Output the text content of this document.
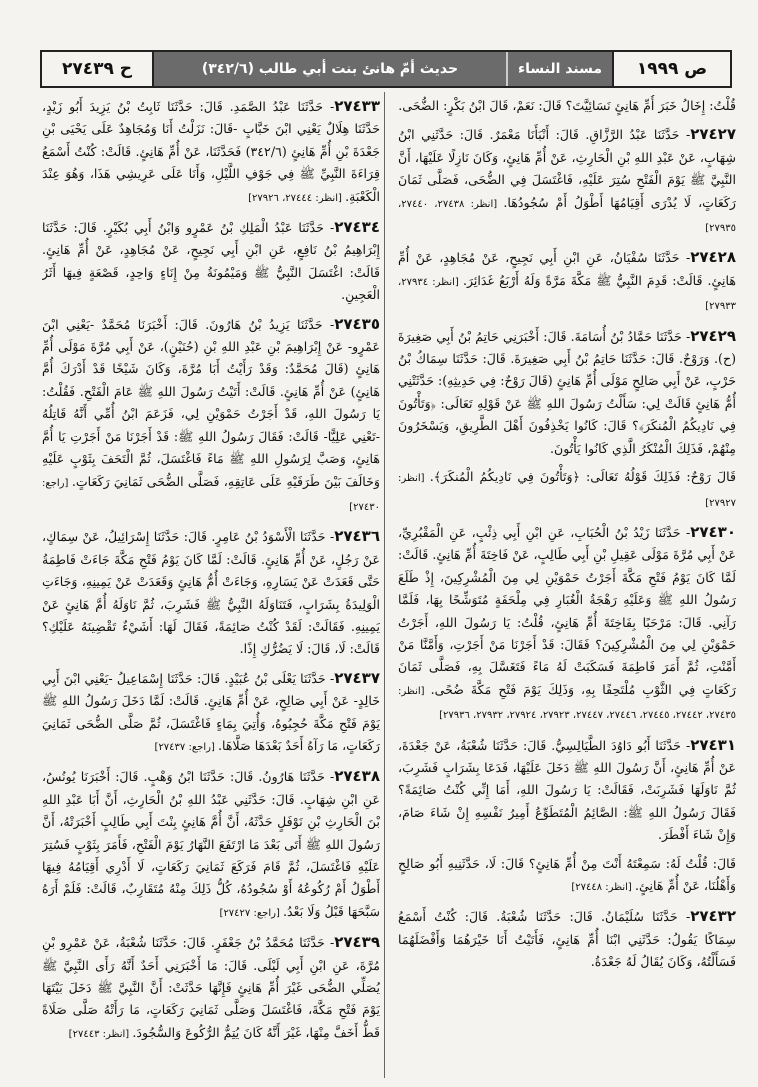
ص ١٩٩٩
مسند النساء
حديث أمّ هانئ بنت أبي طالب (٣٤٢/٦)
ح ٢٧٤٣٩

قُلْتُ: إِخَالُ خَبَرَ أُمِّ هَانِئٍ نَسَائِيَّتَ؟ قَالَ: نَعَمْ، قَالَ ابْنُ بَكْرٍ: الضُّحَى.

٢٧٤٢٧- حَدَّثَنَا عَبْدُ الرَّزَّاقِ. قَالَ: أَنْبَأَنَا مَعْمَرٌ. قَالَ: حَدَّثَنِي ابْنُ شِهَابٍ، عَنْ عَبْدِ اللهِ بْنِ الْحَارِثِ، عَنْ أُمِّ هَانِئٍ، وَكَانَ نَازِلًا عَلَيْهَا، أَنَّ النَّبِيَّ ﷺ يَوْمَ الْفَتْحِ سُتِرَ عَلَيْهِ، فَاغْتَسَلَ فِي الضُّحَى، فَصَلَّى ثَمَانَ رَكَعَاتٍ، لَا يُدْرَى أَقِيَامُهَا أَطْوَلُ أَمْ سُجُودُهَا. [انظر: ٢٧٤٣٨، ٢٧٤٤٠، ٢٧٩٣٥]

٢٧٤٢٨- حَدَّثَنَا سُفْيَانُ، عَنِ ابْنِ أَبِي نَجِيحٍ، عَنْ مُجَاهِدٍ، عَنْ أُمِّ هَانِئٍ. قَالَتْ: قَدِمَ النَّبِيُّ ﷺ مَكَّةَ مَرَّةً وَلَهُ أَرْبَعُ غَدَائِرَ. [انظر: ٢٧٩٣٤، ٢٧٩٣٣]

٢٧٤٢٩- حَدَّثَنَا حَمَّادُ بْنُ أُسَامَةَ. قَالَ: أَخْبَرَنِي حَاتِمُ بْنُ أَبِي صَغِيرَةَ (ح). وَرَوْحٌ. قَالَ: حَدَّثَنَا حَاتِمُ بْنُ أَبِي صَغِيرَةَ. قَالَ: حَدَّثَنَا سِمَاكُ بْنُ حَرْبٍ، عَنْ أَبِي صَالِحٍ مَوْلَى أُمِّ هَانِئٍ (قَالَ رَوْحٌ: فِي حَدِيثِهِ): حَدَّثَتْنِي أُمُّ هَانِئٍ قَالَتْ لِي: سَأَلْتُ رَسُولَ اللهِ ﷺ عَنْ قَوْلِهِ تَعَالَى: ﴿وَتَأْتُونَ فِي نَادِيكُمُ الْمُنكَرَ﴾؟ قَالَ: كَانُوا يَخْذِفُونَ أَهْلَ الطَّرِيقِ، وَيَسْخَرُونَ مِنْهُمْ، فَذَلِكَ الْمُنْكَرُ الَّذِي كَانُوا يَأْتُونَ.

قَالَ رَوْحٌ: فَذَلِكَ قَوْلُهُ تَعَالَى: ﴿وَتَأْتُونَ فِي نَادِيكُمُ الْمُنكَرَ﴾. [انظر: ٢٧٩٢٧]

٢٧٤٣٠- حَدَّثَنَا زَيْدُ بْنُ الْحُبَابِ، عَنِ ابْنِ أَبِي ذِئْبٍ، عَنِ الْمَقْبُرِيِّ، عَنْ أَبِي مُرَّةَ مَوْلَى عَقِيلِ بْنِ أَبِي طَالِبٍ، عَنْ فَاخِتَةَ أُمِّ هَانِئٍ. قَالَتْ: لَمَّا كَانَ يَوْمُ فَتْحِ مَكَّةَ أَجَرْتُ حَمْوَيْنِ لِي مِنَ الْمُشْرِكِينَ، إِذْ طَلَعَ رَسُولُ اللهِ ﷺ وَعَلَيْهِ رَهْجَةُ الْغُبَارِ فِي مِلْحَفَةٍ مُتَوَشِّحًا بِهَا، فَلَمَّا رَآنِي. قَالَ: مَرْحَبًا بِفَاخِتَةَ أُمِّ هَانِئٍ، قُلْتُ: يَا رَسُولَ اللهِ، أَجَرْتُ حَمْوَيْنِ لِي مِنَ الْمُشْرِكِينَ؟ فَقَالَ: قَدْ أَجَرْنَا مَنْ أَجَرْتِ، وَأَمَّنَّا مَنْ أَمَّنْتِ، ثُمَّ أَمَرَ فَاطِمَةَ فَسَكَبَتْ لَهُ مَاءً فَتَغَسَّلَ بِهِ، فَصَلَّى ثَمَانَ رَكَعَاتٍ فِي الثَّوْبِ مُلْتَحِفًا بِهِ، وَذَلِكَ يَوْمَ فَتْحِ مَكَّةَ ضُحًى. [انظر: ٢٧٤٣٥، ٢٧٤٤٢، ٢٧٤٤٥، ٢٧٤٤٦، ٢٧٤٤٧، ٢٧٩٢٣، ٢٧٩٢٤، ٢٧٩٣٢، ٢٧٩٣٦]

٢٧٤٣١- حَدَّثَنَا أَبُو دَاوُدَ الطَّيَالِسِيُّ. قَالَ: حَدَّثَنَا شُعْبَةُ، عَنْ جَعْدَةَ، عَنْ أُمِّ هَانِئٍ، أَنَّ رَسُولَ اللهِ ﷺ دَخَلَ عَلَيْهَا، فَدَعَا بِشَرَابٍ فَشَرِبَ، ثُمَّ نَاوَلَهَا فَشَرِبَتْ، فَقَالَتْ: يَا رَسُولَ اللهِ، أَمَا إِنِّي كُنْتُ صَائِمَةً؟ فَقَالَ رَسُولُ اللهِ ﷺ: الصَّائِمُ الْمُتَطَوِّعُ أَمِيرُ نَفْسِهِ إِنْ شَاءَ صَامَ، وَإِنْ شَاءَ أَفْطَرَ.

قَالَ: قُلْتُ لَهُ: سَمِعْتَهُ أَنْتَ مِنْ أُمِّ هَانِئٍ؟ قَالَ: لَا، حَدَّثَنِيهِ أَبُو صَالِحٍ وَأَهْلُنَا، عَنْ أُمِّ هَانِئٍ. [انظر: ٢٧٤٤٨]

٢٧٤٣٢- حَدَّثَنَا سُلَيْمَانُ. قَالَ: حَدَّثَنَا شُعْبَةُ. قَالَ: كُنْتُ أَسْمَعُ سِمَاكًا يَقُولُ: حَدَّثَنِي ابْنَا أُمِّ هَانِئٍ، فَأَتَيْتُ أَنَا خَيْرَهُمَا وَأَفْضَلَهُمَا فَسَأَلْتُهُ، وَكَانَ يُقَالُ لَهُ جَعْدَةُ.

٢٧٤٣٣- حَدَّثَنَا عَبْدُ الصَّمَدِ. قَالَ: حَدَّثَنَا ثَابِتُ بْنُ يَزِيدَ أَبُو زَيْدٍ، حَدَّثَنَا هِلَالٌ يَعْنِي ابْنَ خَبَّابٍ -قَالَ: نَزَلْتُ أَنَا وَمُجَاهِدٌ عَلَى يَحْيَى بْنِ جَعْدَةَ بْنِ أُمِّ هَانِئٍ (٣٤٢/٦) فَحَدَّثَنَا، عَنْ أُمِّ هَانِئٍ. قَالَتْ: كُنْتُ أَسْمَعُ قِرَاءَةَ النَّبِيِّ ﷺ فِي جَوْفِ اللَّيْلِ، وَأَنَا عَلَى عَرِيشِي هَذَا، وَهُوَ عِنْدَ الْكَعْبَةِ. [انظر: ٢٧٤٤٤، ٢٧٩٢٦]

٢٧٤٣٤- حَدَّثَنَا عَبْدُ الْمَلِكِ بْنُ عَمْرٍو وَابْنُ أَبِي بُكَيْرٍ. قَالَ: حَدَّثَنَا إِبْرَاهِيمُ بْنُ نَافِعٍ، عَنِ ابْنِ أَبِي نَجِيحٍ، عَنْ مُجَاهِدٍ، عَنْ أُمِّ هَانِئٍ. قَالَتْ: اغْتَسَلَ النَّبِيُّ ﷺ وَمَيْمُونَةُ مِنْ إِنَاءٍ وَاحِدٍ، قَصْعَةٍ فِيهَا أَثَرُ الْعَجِينِ.

٢٧٤٣٥- حَدَّثَنَا يَزِيدُ بْنُ هَارُونَ. قَالَ: أَخْبَرَنَا مُحَمَّدٌ -يَعْنِي ابْنَ عَمْرٍو- عَنْ إِبْرَاهِيمَ بْنِ عَبْدِ اللهِ بْنِ (حُنَيْنٍ)، عَنْ أَبِي مُرَّةَ مَوْلَى أُمِّ هَانِئٍ (قَالَ مُحَمَّدٌ: وَقَدْ رَأَيْتُ أَبَا مُرَّةَ، وَكَانَ شَيْخًا قَدْ أَدْرَكَ أُمَّ هَانِئٍ) عَنْ أُمِّ هَانِئٍ. قَالَتْ: أَتَيْتُ رَسُولَ اللهِ ﷺ عَامَ الْفَتْحِ. فَقُلْتُ: يَا رَسُولَ اللهِ، قَدْ أَجَرْتُ حَمْوَيْنِ لِي، فَزَعَمَ ابْنُ أُمِّي أَنَّهُ قَاتِلُهُ -تَعْنِي عَلِيًّا- قَالَتْ: فَقَالَ رَسُولُ اللهِ ﷺ: قَدْ أَجَرْنَا مَنْ أَجَرْتِ يَا أُمَّ هَانِئٍ، وَصَبَّ لِرَسُولِ اللهِ ﷺ مَاءً فَاغْتَسَلَ، ثُمَّ الْتَحَفَ بِثَوْبٍ عَلَيْهِ وَخَالَفَ بَيْنَ طَرَفَيْهِ عَلَى عَاتِقِهِ، فَصَلَّى الضُّحَى ثَمَانِيَ رَكَعَاتٍ. [راجع: ٢٧٤٣٠]

٢٧٤٣٦- حَدَّثَنَا الْأَسْوَدُ بْنُ عَامِرٍ. قَالَ: حَدَّثَنَا إِسْرَائِيلُ، عَنْ سِمَاكٍ، عَنْ رَجُلٍ، عَنْ أُمِّ هَانِئٍ. قَالَتْ: لَمَّا كَانَ يَوْمُ فَتْحِ مَكَّةَ جَاءَتْ فَاطِمَةُ حَتَّى قَعَدَتْ عَنْ يَسَارِهِ، وَجَاءَتْ أُمُّ هَانِئٍ وَقَعَدَتْ عَنْ يَمِينِهِ، وَجَاءَتِ الْوَلِيدَةُ بِشَرَابٍ، فَتَنَاوَلَهُ النَّبِيُّ ﷺ فَشَرِبَ، ثُمَّ نَاوَلَهُ أُمَّ هَانِئٍ عَنْ يَمِينِهِ. فَقَالَتْ: لَقَدْ كُنْتُ صَائِمَةً، فَقَالَ لَهَا: أَشَيْءٌ تَقْضِينَهُ عَلَيْكِ؟ قَالَتْ: لَا، قَالَ: لَا يَضُرُّكِ إِذًا.

٢٧٤٣٧- حَدَّثَنَا يَعْلَى بْنُ عُبَيْدٍ. قَالَ: حَدَّثَنَا إِسْمَاعِيلُ -يَعْنِي ابْنَ أَبِي خَالِدٍ- عَنْ أَبِي صَالِحٍ، عَنْ أُمِّ هَانِئٍ. قَالَتْ: لَمَّا دَخَلَ رَسُولُ اللهِ ﷺ يَوْمَ فَتْحِ مَكَّةَ حُجِبُوهُ، وَأُتِيَ بِمَاءٍ فَاغْتَسَلَ، ثُمَّ صَلَّى الضُّحَى ثَمَانِيَ رَكَعَاتٍ، مَا رَآهُ أَحَدٌ بَعْدَهَا صَلَّاهَا. [راجع: ٢٧٤٣٧]

٢٧٤٣٨- حَدَّثَنَا هَارُونُ. قَالَ: حَدَّثَنَا ابْنُ وَهْبٍ. قَالَ: أَخْبَرَنَا يُونُسُ، عَنِ ابْنِ شِهَابٍ. قَالَ: حَدَّثَنِي عَبْدُ اللهِ بْنُ الْحَارِثِ، أَنَّ أَبَا عَبْدِ اللهِ بْنَ الْحَارِثِ بْنِ نَوْفَلٍ حَدَّثَهُ، أَنَّ أُمَّ هَانِئٍ بِنْتَ أَبِي طَالِبٍ أَخْبَرَتْهُ، أَنَّ رَسُولَ اللهِ ﷺ أَتَى بَعْدَ مَا ارْتَفَعَ النَّهَارُ يَوْمَ الْفَتْحِ، فَأَمَرَ بِثَوْبٍ فَسُتِرَ عَلَيْهِ فَاغْتَسَلَ، ثُمَّ قَامَ فَرَكَعَ ثَمَانِيَ رَكَعَاتٍ، لَا أَدْرِي أَقِيَامُهُ فِيهَا أَطْوَلُ أَمْ رُكُوعُهُ أَوْ سُجُودُهُ، كُلُّ ذَلِكَ مِنْهُ مُتَقَارِبٌ، قَالَتْ: فَلَمْ أَرَهُ سَبَّحَهَا قَبْلُ وَلَا بَعْدُ. [راجع: ٢٧٤٢٧]

٢٧٤٣٩- حَدَّثَنَا مُحَمَّدُ بْنُ جَعْفَرٍ. قَالَ: حَدَّثَنَا شُعْبَةُ، عَنْ عَمْرِو بْنِ مُرَّةَ، عَنِ ابْنِ أَبِي لَيْلَى. قَالَ: مَا أَخْبَرَنِي أَحَدٌ أَنَّهُ رَأَى النَّبِيَّ ﷺ يُصَلِّي الضُّحَى غَيْرَ أُمِّ هَانِئٍ فَإِنَّهَا حَدَّثَتْ: أَنَّ النَّبِيَّ ﷺ دَخَلَ بَيْتَهَا يَوْمَ فَتْحِ مَكَّةَ، فَاغْتَسَلَ وَصَلَّى ثَمَانِيَ رَكَعَاتٍ، مَا رَأَتْهُ صَلَّى صَلَاةً قَطُّ أَخَفَّ مِنْهَا، غَيْرَ أَنَّهُ كَانَ يُتِمُّ الرُّكُوعَ وَالسُّجُودَ. [انظر: ٢٧٤٤٣]
